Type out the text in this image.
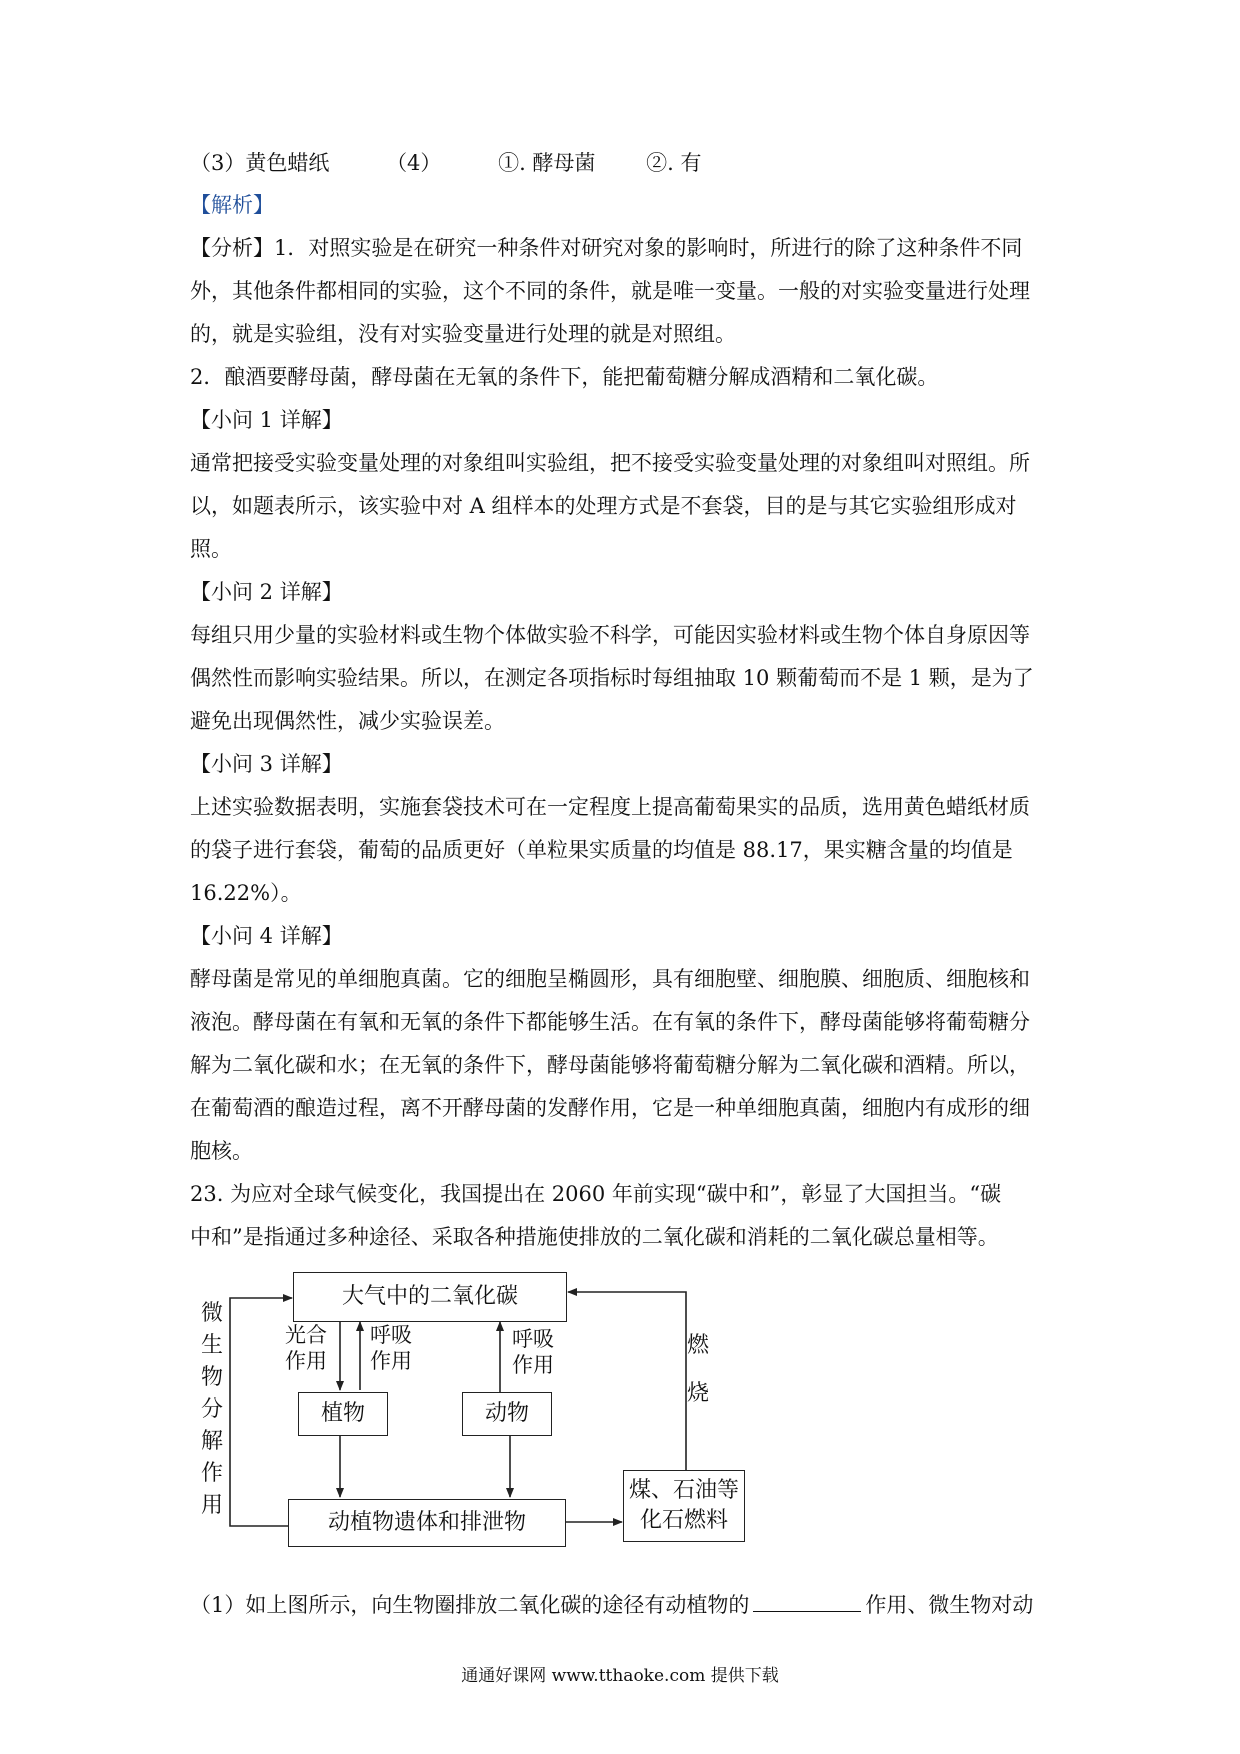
（3）黄色蜡纸	（4）	①. 酵母菌 ②. 有
【解析】
【分析】1．对照实验是在研究一种条件对研究对象的影响时，所进行的除了这种条件不同
外，其他条件都相同的实验，这个不同的条件，就是唯一变量。一般的对实验变量进行处理
的，就是实验组，没有对实验变量进行处理的就是对照组。
2．酿酒要酵母菌，酵母菌在无氧的条件下，能把葡萄糖分解成酒精和二氧化碳。
【小问 1 详解】
通常把接受实验变量处理的对象组叫实验组，把不接受实验变量处理的对象组叫对照组。所
以，如题表所示，该实验中对 A 组样本的处理方式是不套袋，目的是与其它实验组形成对
照。
【小问 2 详解】
每组只用少量的实验材料或生物个体做实验不科学，可能因实验材料或生物个体自身原因等
偶然性而影响实验结果。所以，在测定各项指标时每组抽取 10 颗葡萄而不是 1 颗，是为了
避免出现偶然性，减少实验误差。
【小问 3 详解】
上述实验数据表明，实施套袋技术可在一定程度上提高葡萄果实的品质，选用黄色蜡纸材质
的袋子进行套袋，葡萄的品质更好（单粒果实质量的均值是 88.17，果实糖含量的均值是
16.22%）。
【小问 4 详解】
酵母菌是常见的单细胞真菌。它的细胞呈椭圆形，具有细胞壁、细胞膜、细胞质、细胞核和
液泡。酵母菌在有氧和无氧的条件下都能够生活。在有氧的条件下，酵母菌能够将葡萄糖分
解为二氧化碳和水；在无氧的条件下，酵母菌能够将葡萄糖分解为二氧化碳和酒精。所以，
在葡萄酒的酿造过程，离不开酵母菌的发酵作用，它是一种单细胞真菌，细胞内有成形的细
胞核。
23. 为应对全球气候变化，我国提出在 2060 年前实现“碳中和”，彰显了大国担当。“碳
中和”是指通过多种途径、采取各种措施使排放的二氧化碳和消耗的二氧化碳总量相等。
大气中的二氧化碳
植物	动物
动植物遗体和排泄物
煤、石油等
化石燃料
光合
作用
呼吸
作用
呼吸
作用
微生物分解作用
燃烧
（1）如上图所示，向生物圈排放二氧化碳的途径有动植物的	作用、微生物对动
通通好课网 www.tthaoke.com 提供下载
